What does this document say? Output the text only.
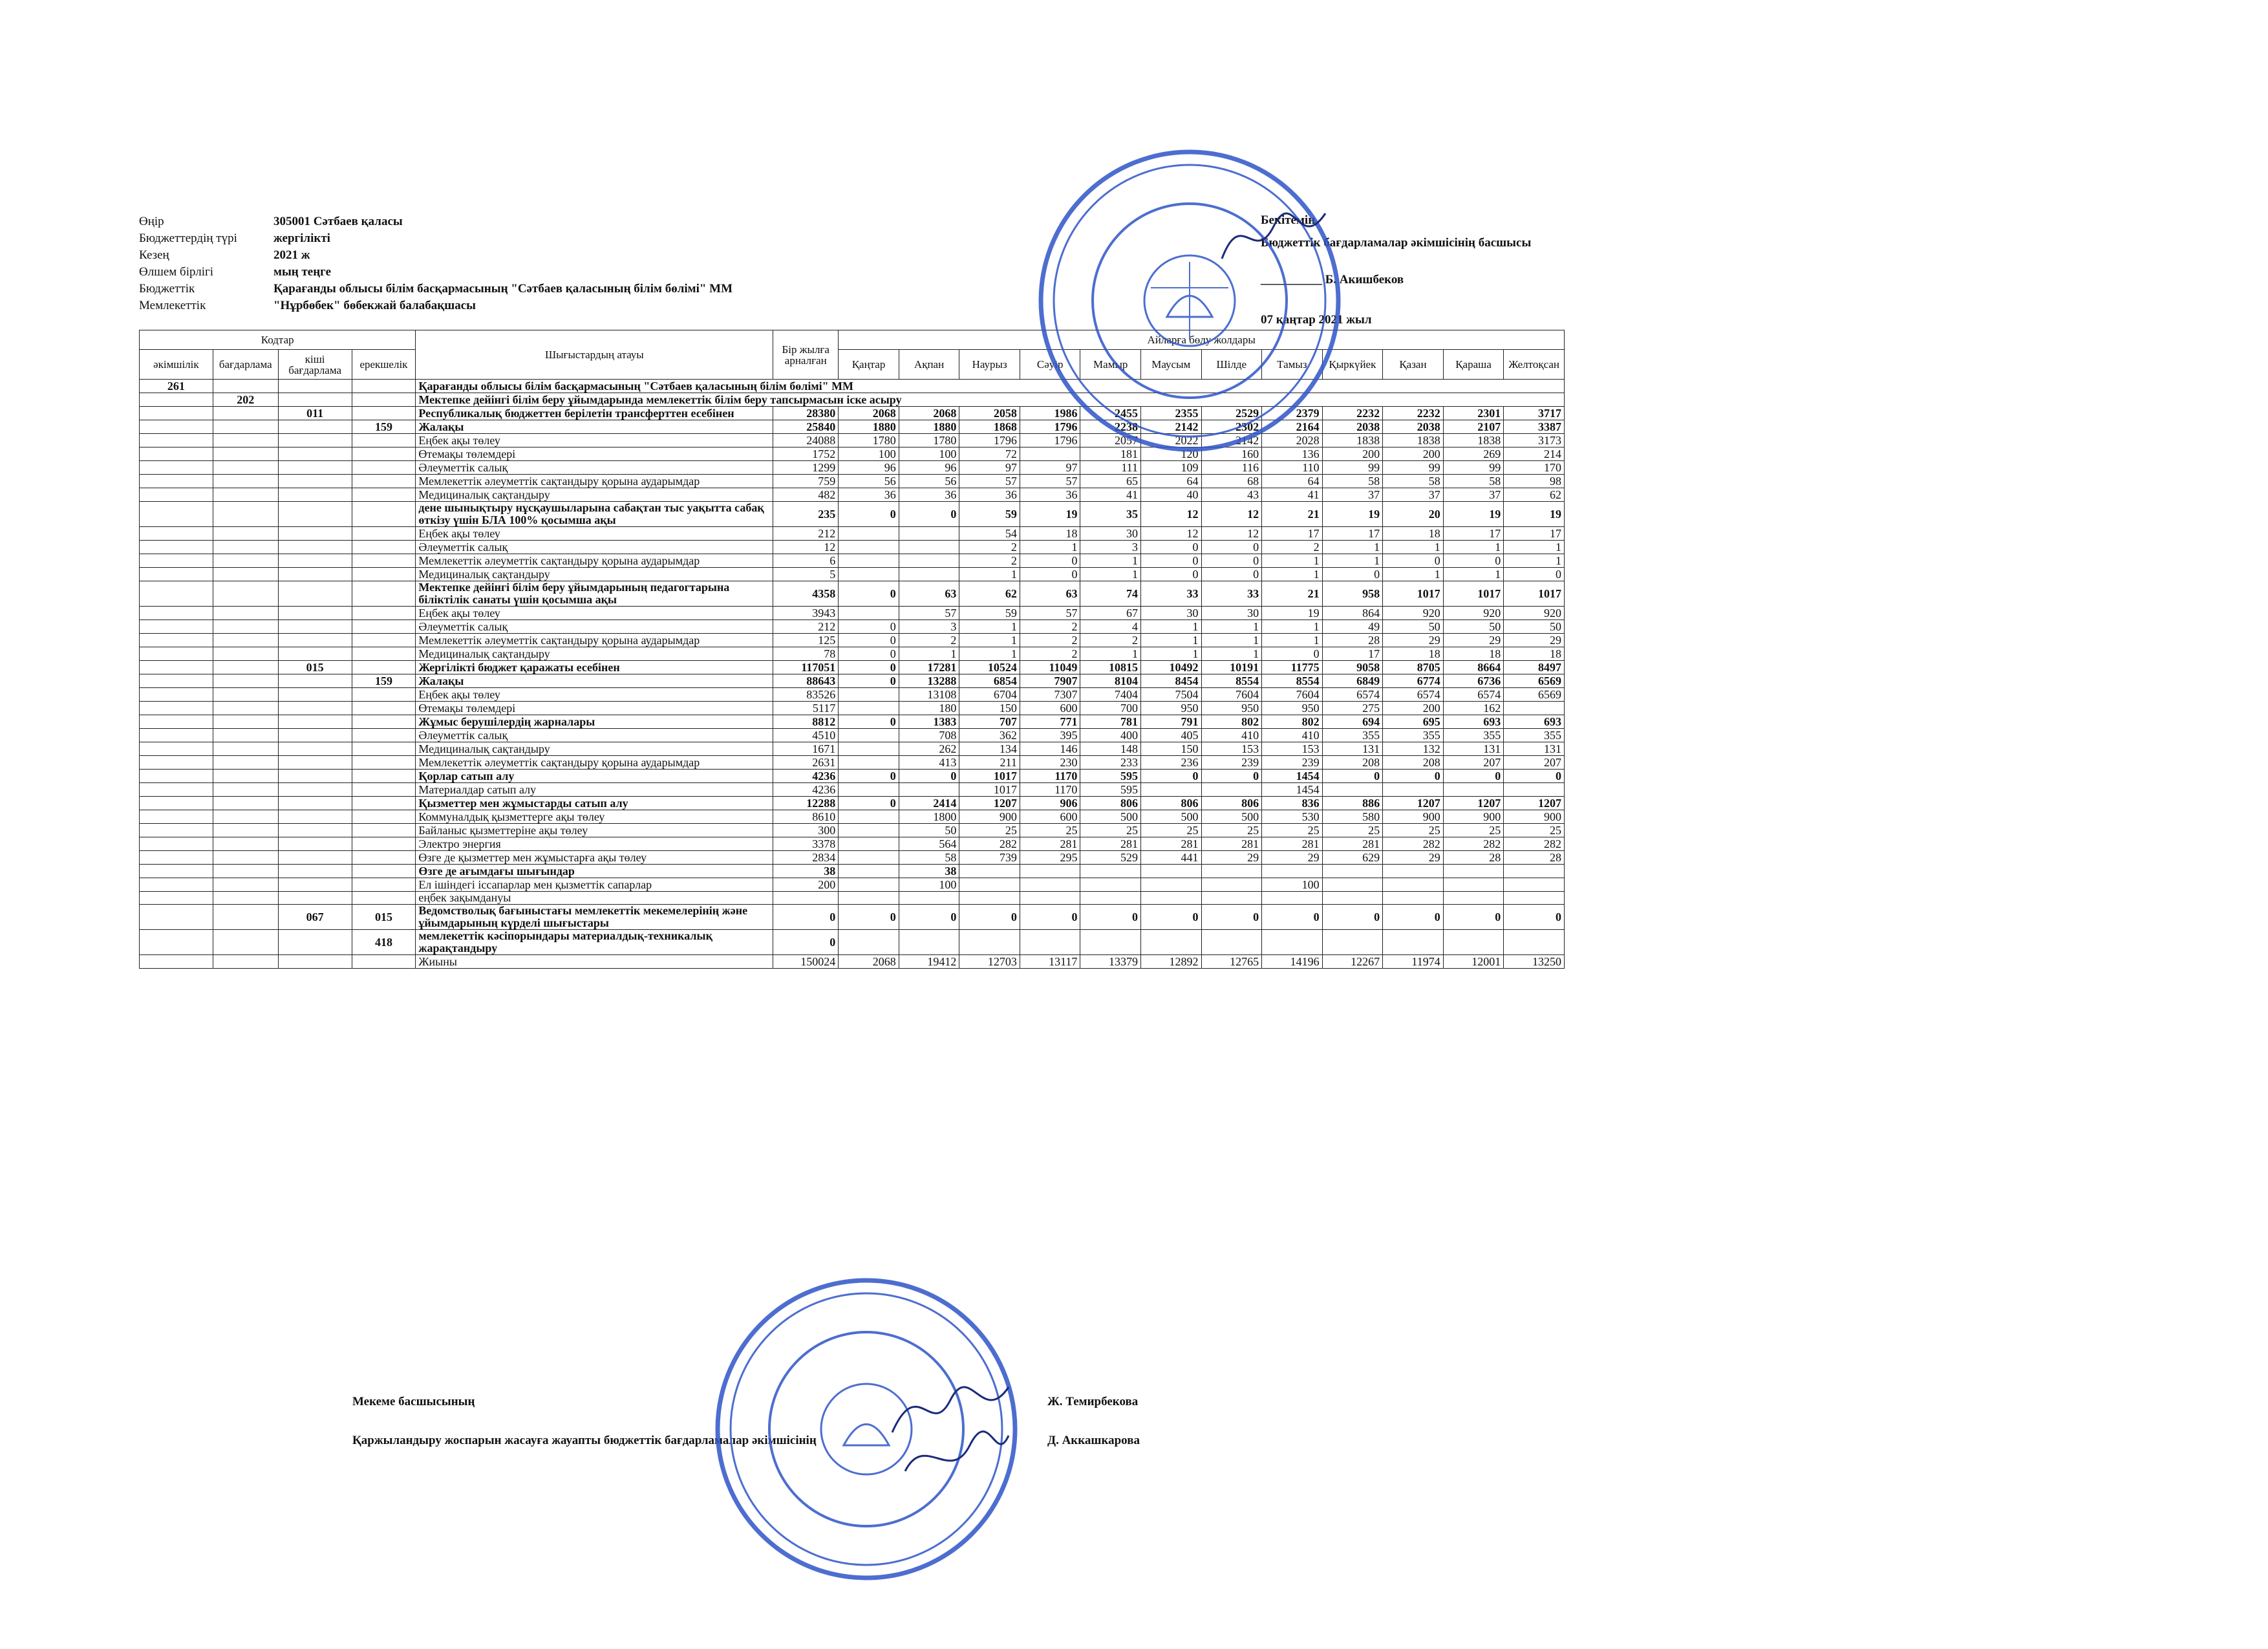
Өңір	305001 Сәтбаев қаласы
Бюджеттердің түрі	жергілікті
Кезең	2021 ж
Өлшем бірлігі	мың теңге
Бюджеттік	Қарағанды облысы білім басқармасының "Сәтбаев қаласының білім бөлімі" ММ
Мемлекеттік	"Нұрбөбек" бөбекжай балабақшасы
Бекітемін
Бюджеттік бағдарламалар әкімшісінің басшысы
__________ Б. Акишбеков
07 қаңтар 2021 жыл
Кодтар				Шығыстардың атауы	Бір жылға арналған	Айларға бөлу жолдары											
әкімшілік	бағдарлама	кіші бағдарлама	ерекшелік			Қаңтар	Ақпан	Наурыз	Сәуір	Мамыр	Маусым	Шілде	Тамыз	Қыркүйек	Қазан	Қараша	Желтоқсан
261				Қарағанды облысы білім басқармасының "Сәтбаев қаласының білім бөлімі" ММ													
	202			Мектепке дейінгі білім беру ұйымдарында мемлекеттік білім беру тапсырмасын іске асыру													
		011		Республикалық бюджеттен берілетін трансферттен есебінен	28380	2068	2068	2058	1986	2455	2355	2529	2379	2232	2232	2301	3717
			159	Жалақы	25840	1880	1880	1868	1796	2238	2142	2302	2164	2038	2038	2107	3387
				Еңбек ақы төлеу	24088	1780	1780	1796	1796	2057	2022	2142	2028	1838	1838	1838	3173
				Өтемақы төлемдері	1752	100	100	72		181	120	160	136	200	200	269	214
				Әлеуметтік салық	1299	96	96	97	97	111	109	116	110	99	99	99	170
				Мемлекеттік әлеуметтік сақтандыру қорына аударымдар	759	56	56	57	57	65	64	68	64	58	58	58	98
				Медициналық сақтандыру	482	36	36	36	36	41	40	43	41	37	37	37	62
				дене шынықтыру нұсқаушыларына сабақтан тыс уақытта сабақ өткізу үшін БЛА 100% қосымша ақы	235	0	0	59	19	35	12	12	21	19	20	19	19
				Еңбек ақы төлеу	212			54	18	30	12	12	17	17	18	17	17
				Әлеуметтік салық	12			2	1	3	0	0	2	1	1	1	1
				Мемлекеттік әлеуметтік сақтандыру қорына аударымдар	6			2	0	1	0	0	1	1	0	0	1
				Медициналық сақтандыру	5			1	0	1	0	0	1	0	1	1	0
				Мектепке дейінгі білім беру ұйымдарының педагогтарына біліктілік санаты үшін қосымша ақы	4358	0	63	62	63	74	33	33	21	958	1017	1017	1017
				Еңбек ақы төлеу	3943		57	59	57	67	30	30	19	864	920	920	920
				Әлеуметтік салық	212	0	3	1	2	4	1	1	1	49	50	50	50
				Мемлекеттік әлеуметтік сақтандыру қорына аударымдар	125	0	2	1	2	2	1	1	1	28	29	29	29
				Медициналық сақтандыру	78	0	1	1	2	1	1	1	0	17	18	18	18
		015		Жергілікті бюджет қаражаты есебінен	117051	0	17281	10524	11049	10815	10492	10191	11775	9058	8705	8664	8497
			159	Жалақы	88643	0	13288	6854	7907	8104	8454	8554	8554	6849	6774	6736	6569
				Еңбек ақы төлеу	83526		13108	6704	7307	7404	7504	7604	7604	6574	6574	6574	6569
				Өтемақы төлемдері	5117		180	150	600	700	950	950	950	275	200	162	
				Жұмыс берушілердің жарналары	8812	0	1383	707	771	781	791	802	802	694	695	693	693
				Әлеуметтік салық	4510		708	362	395	400	405	410	410	355	355	355	355
				Медициналық сақтандыру	1671		262	134	146	148	150	153	153	131	132	131	131
				Мемлекеттік әлеуметтік сақтандыру қорына аударымдар	2631		413	211	230	233	236	239	239	208	208	207	207
				Қорлар сатып алу	4236	0	0	1017	1170	595	0	0	1454	0	0	0	0
				Материалдар сатып алу	4236			1017	1170	595			1454				
				Қызметтер мен жұмыстарды сатып алу	12288	0	2414	1207	906	806	806	806	836	886	1207	1207	1207
				Коммуналдық қызметтерге ақы төлеу	8610		1800	900	600	500	500	500	530	580	900	900	900
				Байланыс қызметтеріне ақы төлеу	300		50	25	25	25	25	25	25	25	25	25	25
				Электро энергия	3378		564	282	281	281	281	281	281	281	282	282	282
				Өзге де қызметтер мен жұмыстарға ақы төлеу	2834		58	739	295	529	441	29	29	629	29	28	28
				Өзге де ағымдағы шығындар	38		38										
				Ел ішіндегі іссапарлар мен қызметтік сапарлар	200		100						100				
				еңбек зақымдануы													
		067	015	Ведомстволық бағыныстағы мемлекеттік мекемелерінің және ұйымдарының күрделі шығыстары	0	0	0	0	0	0	0	0	0	0	0	0	0
			418	мемлекеттік кәсіпорындары материалдық-техникалық жарақтандыру	0												
				Жиыны	150024	2068	19412	12703	13117	13379	12892	12765	14196	12267	11974	12001	13250
Мекеме басшысының	Ж. Темирбекова
Қаржыландыру жоспарын жасауға жауапты бюджеттік бағдарламалар әкімшісінің	Д. Аккашкарова
